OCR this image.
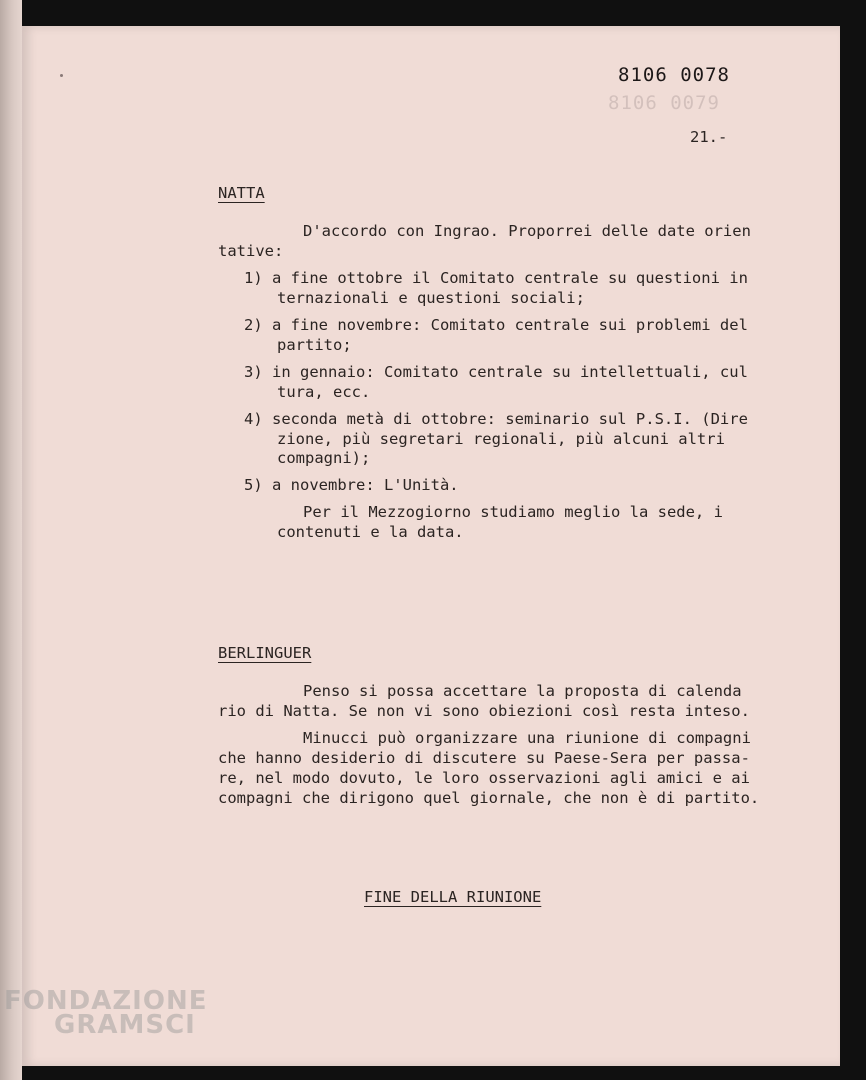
8106 0079
8106 0078
21.-
NATTA
D'accordo con Ingrao. Proporrei delle date orien
tative:
1) a fine ottobre il Comitato centrale su questioni in
ternazionali e questioni sociali;
2) a fine novembre: Comitato centrale sui problemi del
partito;
3) in gennaio: Comitato centrale su intellettuali, cul
tura, ecc.
4) seconda metà di ottobre: seminario sul P.S.I. (Dire
zione, più segretari regionali, più alcuni altri
compagni);
5) a novembre: L'Unità.
Per il Mezzogiorno studiamo meglio la sede, i
contenuti e la data.
BERLINGUER
Penso si possa accettare la proposta di calenda
rio di Natta. Se non vi sono obiezioni così resta inteso.
Minucci può organizzare una riunione di compagni
che hanno desiderio di discutere su Paese-Sera per passa-
re, nel modo dovuto, le loro osservazioni agli amici e ai
compagni che dirigono quel giornale, che non è di partito.
FINE DELLA RIUNIONE
FONDAZIONE
GRAMSCI
